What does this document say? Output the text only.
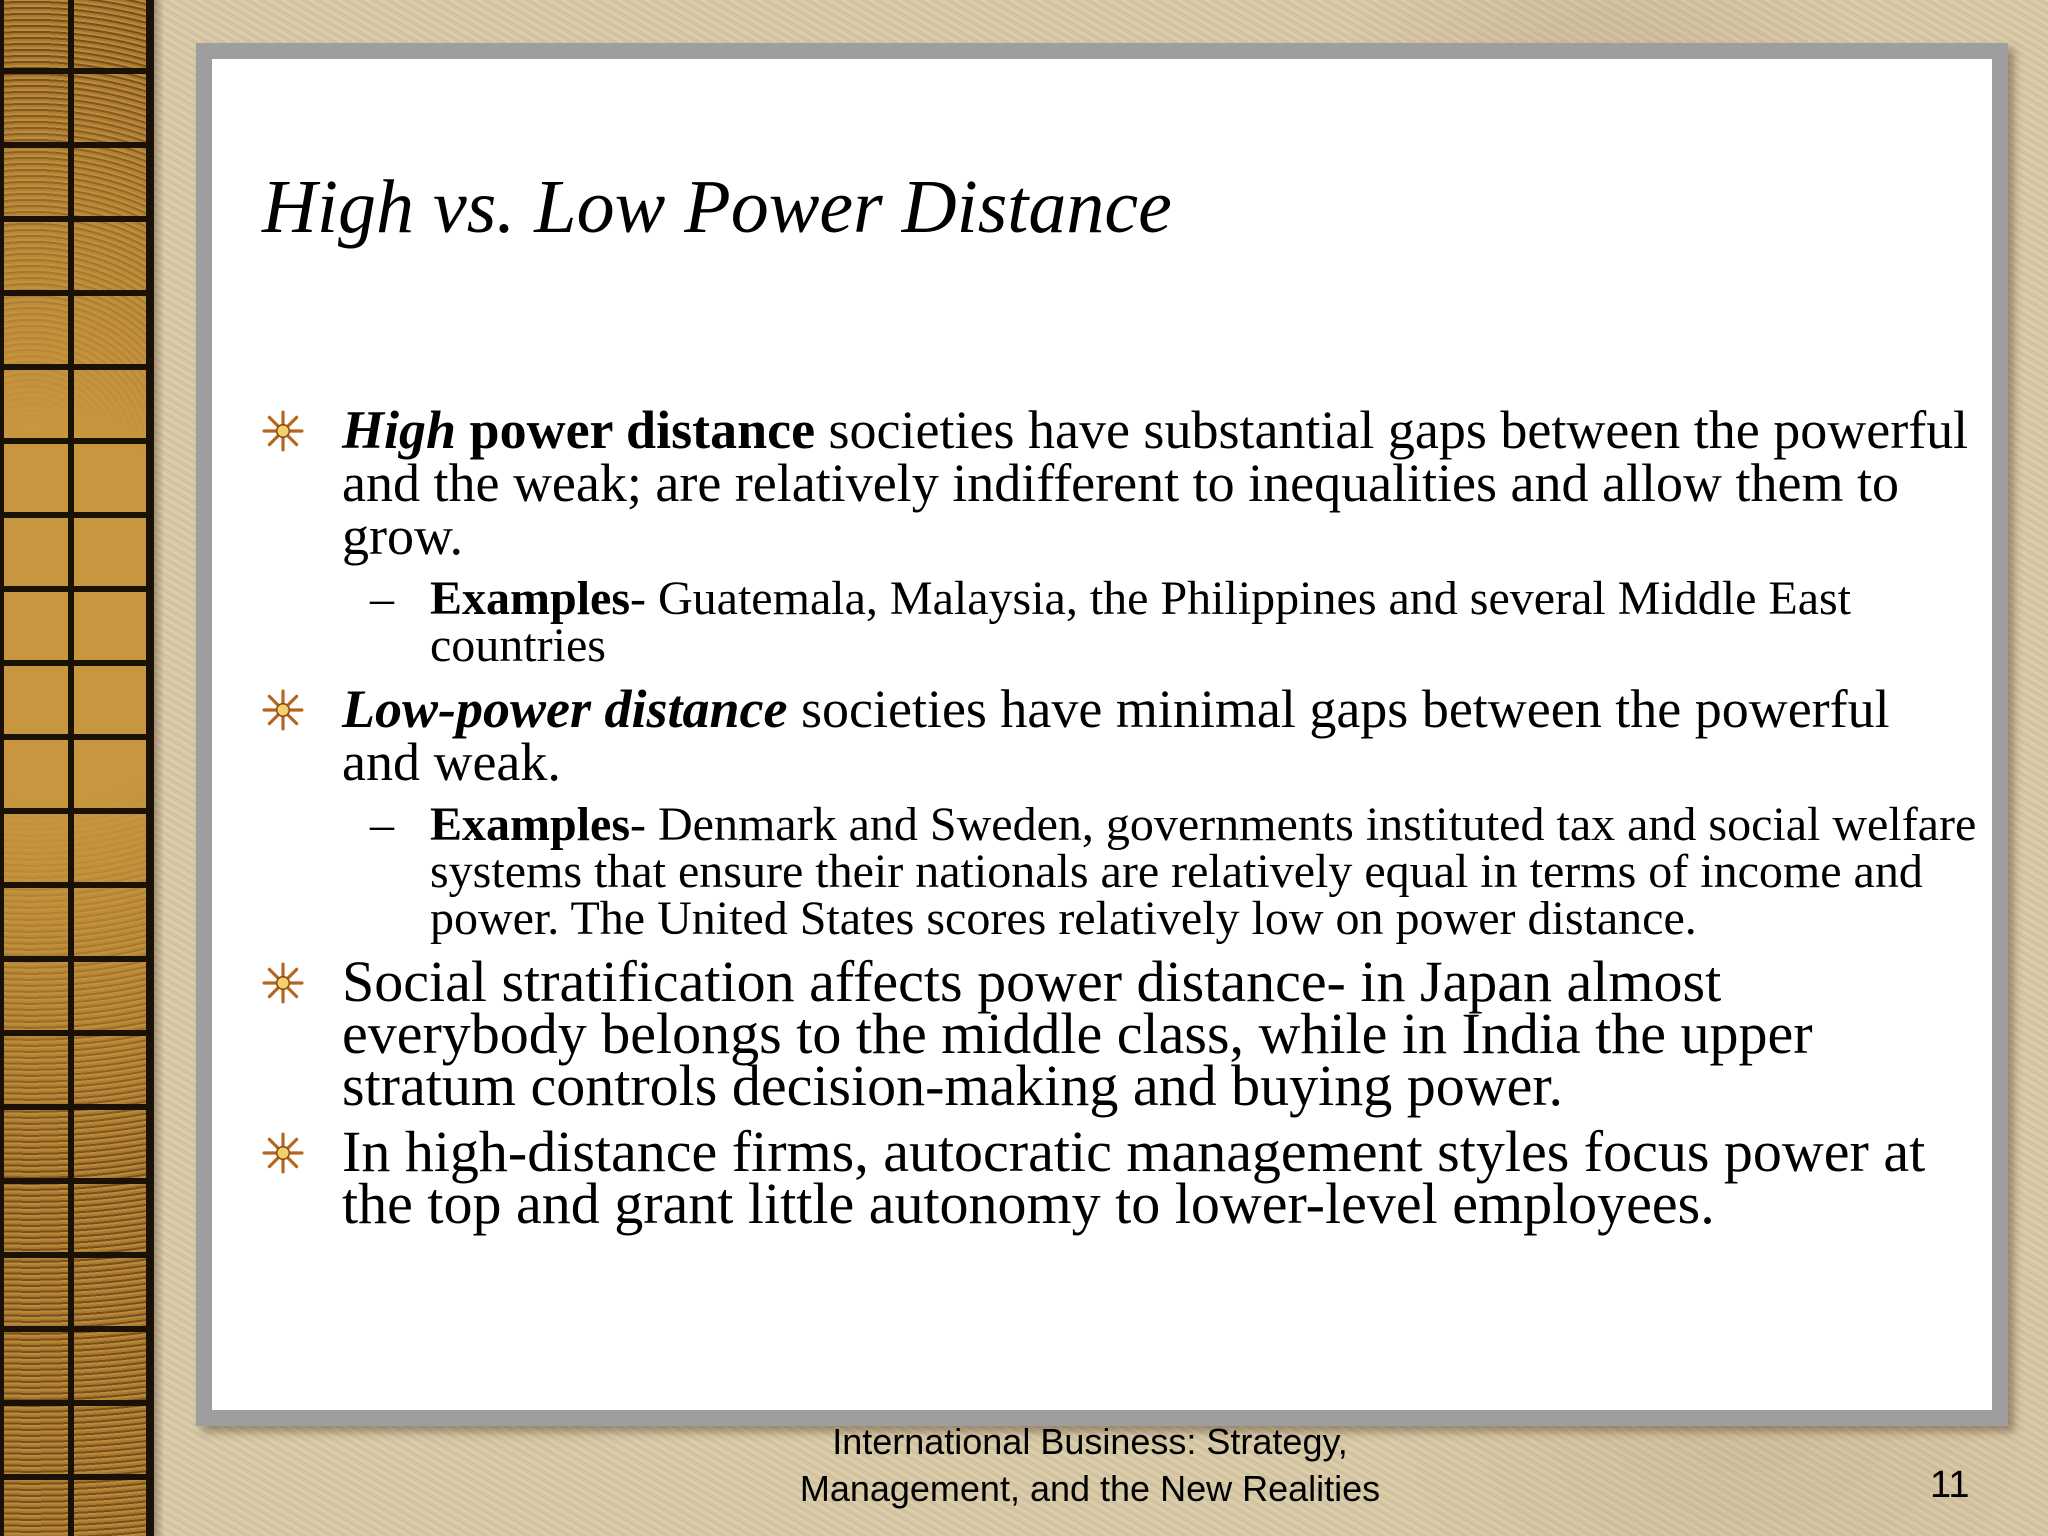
High vs. Low Power Distance
High power distance societies have substantial gaps between the powerful and the weak; are relatively indifferent to inequalities and allow them to grow.
– Examples- Guatemala, Malaysia, the Philippines and several Middle East countries
Low-power distance societies have minimal gaps between the powerful and weak.
– Examples- Denmark and Sweden, governments instituted tax and social welfare systems that ensure their nationals are relatively equal in terms of income and power. The United States scores relatively low on power distance.
Social stratification affects power distance- in Japan almost everybody belongs to the middle class, while in India the upper stratum controls decision-making and buying power.
In high-distance firms, autocratic management styles focus power at the top and grant little autonomy to lower-level employees.
International Business: Strategy, Management, and the New Realities	11
